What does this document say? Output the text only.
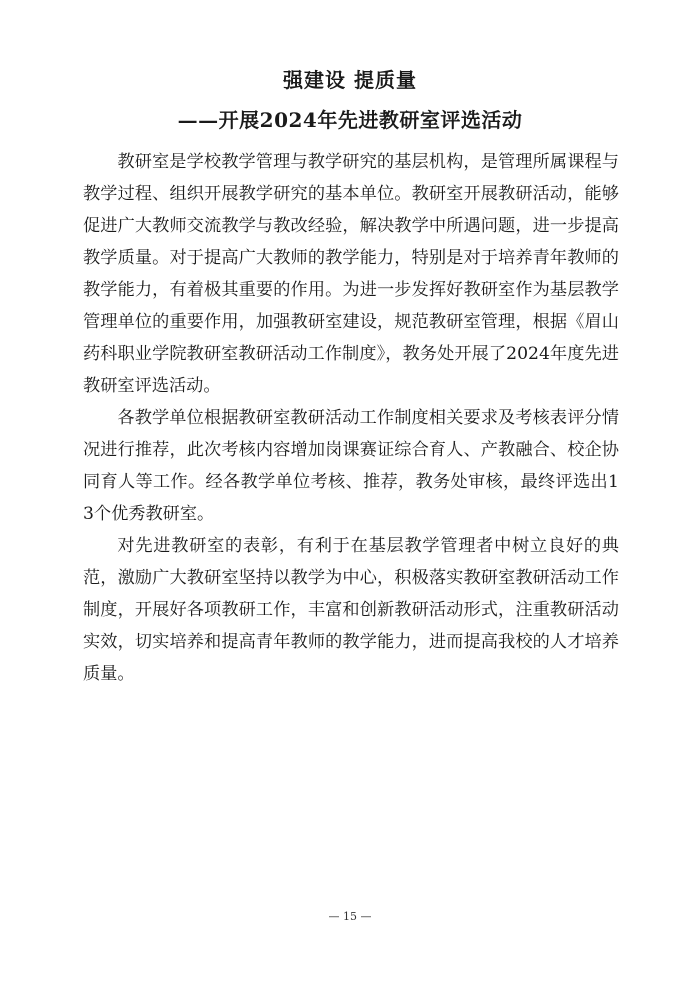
强建设 提质量
——开展2024年先进教研室评选活动

教研室是学校教学管理与教学研究的基层机构，是管理所属课程与教学过程、组织开展教学研究的基本单位。教研室开展教研活动，能够促进广大教师交流教学与教改经验，解决教学中所遇问题，进一步提高教学质量。对于提高广大教师的教学能力，特别是对于培养青年教师的教学能力，有着极其重要的作用。为进一步发挥好教研室作为基层教学管理单位的重要作用，加强教研室建设，规范教研室管理，根据《眉山药科职业学院教研室教研活动工作制度》，教务处开展了2024年度先进教研室评选活动。

各教学单位根据教研室教研活动工作制度相关要求及考核表评分情况进行推荐，此次考核内容增加岗课赛证综合育人、产教融合、校企协同育人等工作。经各教学单位考核、推荐，教务处审核，最终评选出13个优秀教研室。

对先进教研室的表彰，有利于在基层教学管理者中树立良好的典范，激励广大教研室坚持以教学为中心，积极落实教研室教研活动工作制度，开展好各项教研工作，丰富和创新教研活动形式，注重教研活动实效，切实培养和提高青年教师的教学能力，进而提高我校的人才培养质量。

— 15 —
